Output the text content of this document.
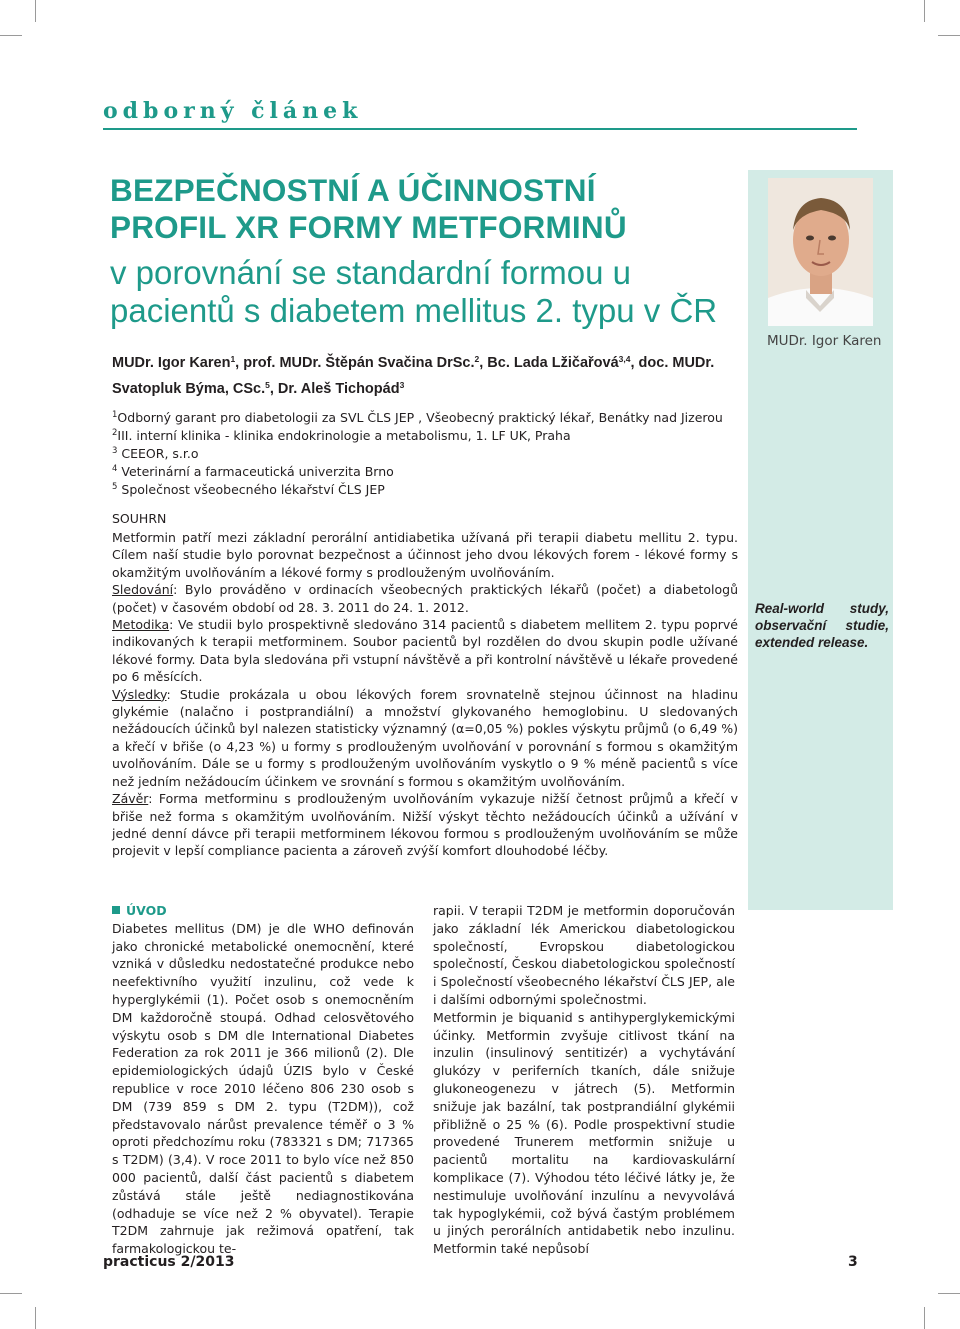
odborný článek
MUDr. Igor Karen
Real-world study, observační studie, extended release.
BEZPEČNOSTNÍ A ÚČINNOSTNÍ
PROFIL XR FORMY METFORMINŮ
v porovnání se standardní formou u pacientů s diabetem mellitus 2. typu v ČR
MUDr. Igor Karen$^1$, prof. MUDr. Štěpán Svačina DrSc.$^2$, Bc. Lada Lžičařová$^{3,4}$, doc. MUDr. Svatopluk Býma, CSc.$^5$, Dr. Aleš Tichopád$^3$
$^1$Odborný garant pro diabetologii za SVL ČLS JEP , Všeobecný praktický lékař, Benátky nad Jizerou
$^2$III. interní klinika - klinika endokrinologie a metabolismu, 1. LF UK, Praha
$^3$ CEEOR, s.r.o
$^4$ Veterinární a farmaceutická univerzita Brno
$^5$ Společnost všeobecného lékařství ČLS JEP
SOUHRN

Metformin patří mezi základní perorální antidiabetika užívaná při terapii diabetu mellitu 2. typu. Cílem naší studie bylo porovnat bezpečnost a účinnost jeho dvou lékových forem - lékové formy s okamžitým uvolňováním a lékové formy s prodlouženým uvolňováním.

Sledování: Bylo prováděno v ordinacích všeobecných praktických lékařů (počet) a diabetologů (počet) v časovém období od 28. 3. 2011 do 24. 1. 2012.

Metodika: Ve studii bylo prospektivně sledováno 314 pacientů s diabetem mellitem 2. typu poprvé indikovaných k terapii metforminem. Soubor pacientů byl rozdělen do dvou skupin podle užívané lékové formy. Data byla sledována při vstupní návštěvě a při kontrolní návštěvě u lékaře provedené po 6 měsících.

Výsledky: Studie prokázala u obou lékových forem srovnatelně stejnou účinnost na hladinu glykémie (nalačno i postprandiální) a množství glykovaného hemoglobinu. U sledovaných nežádoucích účinků byl nalezen statisticky významný (α=0,05 %) pokles výskytu průjmů (o 6,49 %) a křečí v břiše (o 4,23 %) u formy s prodlouženým uvolňování v porovnání s formou s okamžitým uvolňováním. Dále se u formy s prodlouženým uvolňováním vyskytlo o 9 % méně pacientů s více než jedním nežádoucím účinkem ve srovnání s formou s okamžitým uvolňováním.

Závěr: Forma metforminu s prodlouženým uvolňováním vykazuje nižší četnost průjmů a křečí v břiše než forma s okamžitým uvolňováním. Nižší výskyt těchto nežádoucích účinků a užívání v jedné denní dávce při terapii metforminem lékovou formou s prodlouženým uvolňováním se může projevit v lepší compliance pacienta a zároveň zvýší komfort dlouhodobé léčby.

ÚVOD

Diabetes mellitus (DM) je dle WHO definován jako chronické metabolické onemocnění, které vzniká v důsledku nedostatečné produkce nebo neefektivního využití inzulinu, což vede k hyperglykémii (1). Počet osob s onemocněním DM každoročně stoupá. Odhad celosvětového výskytu osob s DM dle International Diabetes Federation za rok 2011 je 366 milionů (2). Dle epidemiologických údajů ÚZIS bylo v České republice v roce 2010 léčeno 806 230 osob s DM (739 859 s DM 2. typu (T2DM)), což představovalo nárůst prevalence téměř o 3 % oproti předchozímu roku (783321 s DM; 717365 s T2DM) (3,4). V roce 2011 to bylo více než 850 000 pacientů, další část pacientů s diabetem zůstává stále ještě nediagnostikována (odhaduje se více než 2 % obyvatel). Terapie T2DM zahrnuje jak režimová opatření, tak farmakologickou te-

rapii. V terapii T2DM je metformin doporučován jako základní lék Americkou diabetologickou společností, Evropskou diabetologickou společností, Českou diabetologickou společností i Společností všeobecného lékařství ČLS JEP, ale i dalšími odbornými společnostmi.

Metformin je biquanid s antihyperglykemickými účinky. Metformin zvyšuje citlivost tkání na inzulin (insulinový sentitizér) a vychytávání glukózy v periferních tkaních, dále snižuje glukoneogenezu v játrech (5). Metformin snižuje jak bazální, tak postprandiální glykémii přibližně o 25 % (6). Podle prospektivní studie provedené Trunerem metformin snižuje u pacientů mortalitu na kardiovaskulární komplikace (7). Výhodou této léčivé látky je, že nestimuluje uvolňování inzulínu a nevyvolává tak hypoglykémii, což bývá častým problémem u jiných perorálních antidabetik nebo inzulinu. Metformin také nepůsobí

practicus 2/2013	3
